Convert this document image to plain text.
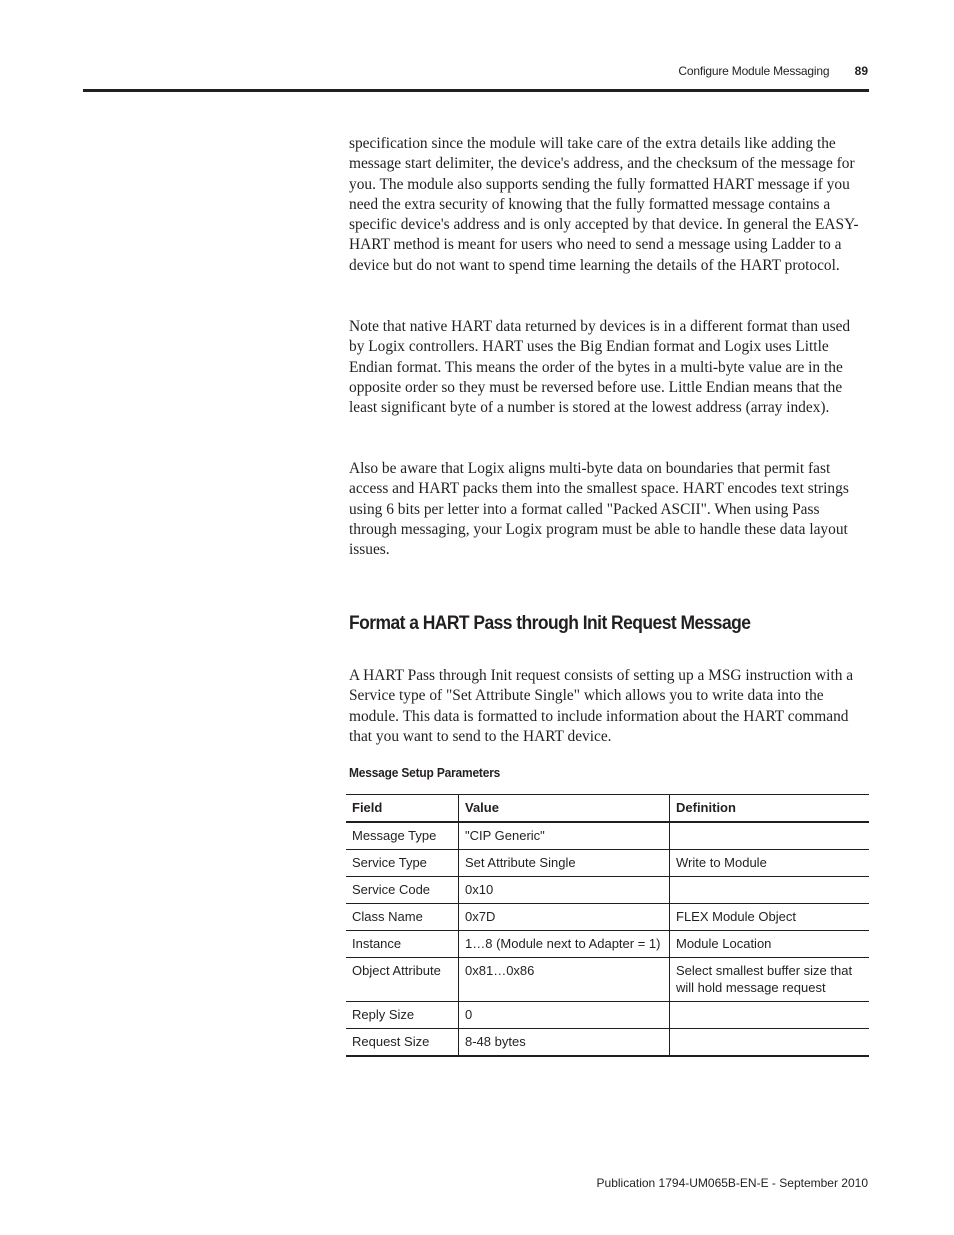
Configure Module Messaging 89

specification since the module will take care of the extra details like adding the message start delimiter, the device's address, and the checksum of the message for you. The module also supports sending the fully formatted HART message if you need the extra security of knowing that the fully formatted message contains a specific device's address and is only accepted by that device. In general the EASY-HART method is meant for users who need to send a message using Ladder to a device but do not want to spend time learning the details of the HART protocol.

Note that native HART data returned by devices is in a different format than used by Logix controllers. HART uses the Big Endian format and Logix uses Little Endian format. This means the order of the bytes in a multi-byte value are in the opposite order so they must be reversed before use. Little Endian means that the least significant byte of a number is stored at the lowest address (array index).

Also be aware that Logix aligns multi-byte data on boundaries that permit fast access and HART packs them into the smallest space. HART encodes text strings using 6 bits per letter into a format called "Packed ASCII". When using Pass through messaging, your Logix program must be able to handle these data layout issues.

Format a HART Pass through Init Request Message

A HART Pass through Init request consists of setting up a MSG instruction with a Service type of "Set Attribute Single" which allows you to write data into the module. This data is formatted to include information about the HART command that you want to send to the HART device.

Message Setup Parameters
Field	Value	Definition
Message Type	"CIP Generic"	
Service Type	Set Attribute Single	Write to Module
Service Code	0x10	
Class Name	0x7D	FLEX Module Object
Instance	1…8 (Module next to Adapter = 1)	Module Location
Object Attribute	0x81…0x86	Select smallest buffer size that will hold message request
Reply Size	0	
Request Size	8-48 bytes	
Publication 1794-UM065B-EN-E - September 2010
